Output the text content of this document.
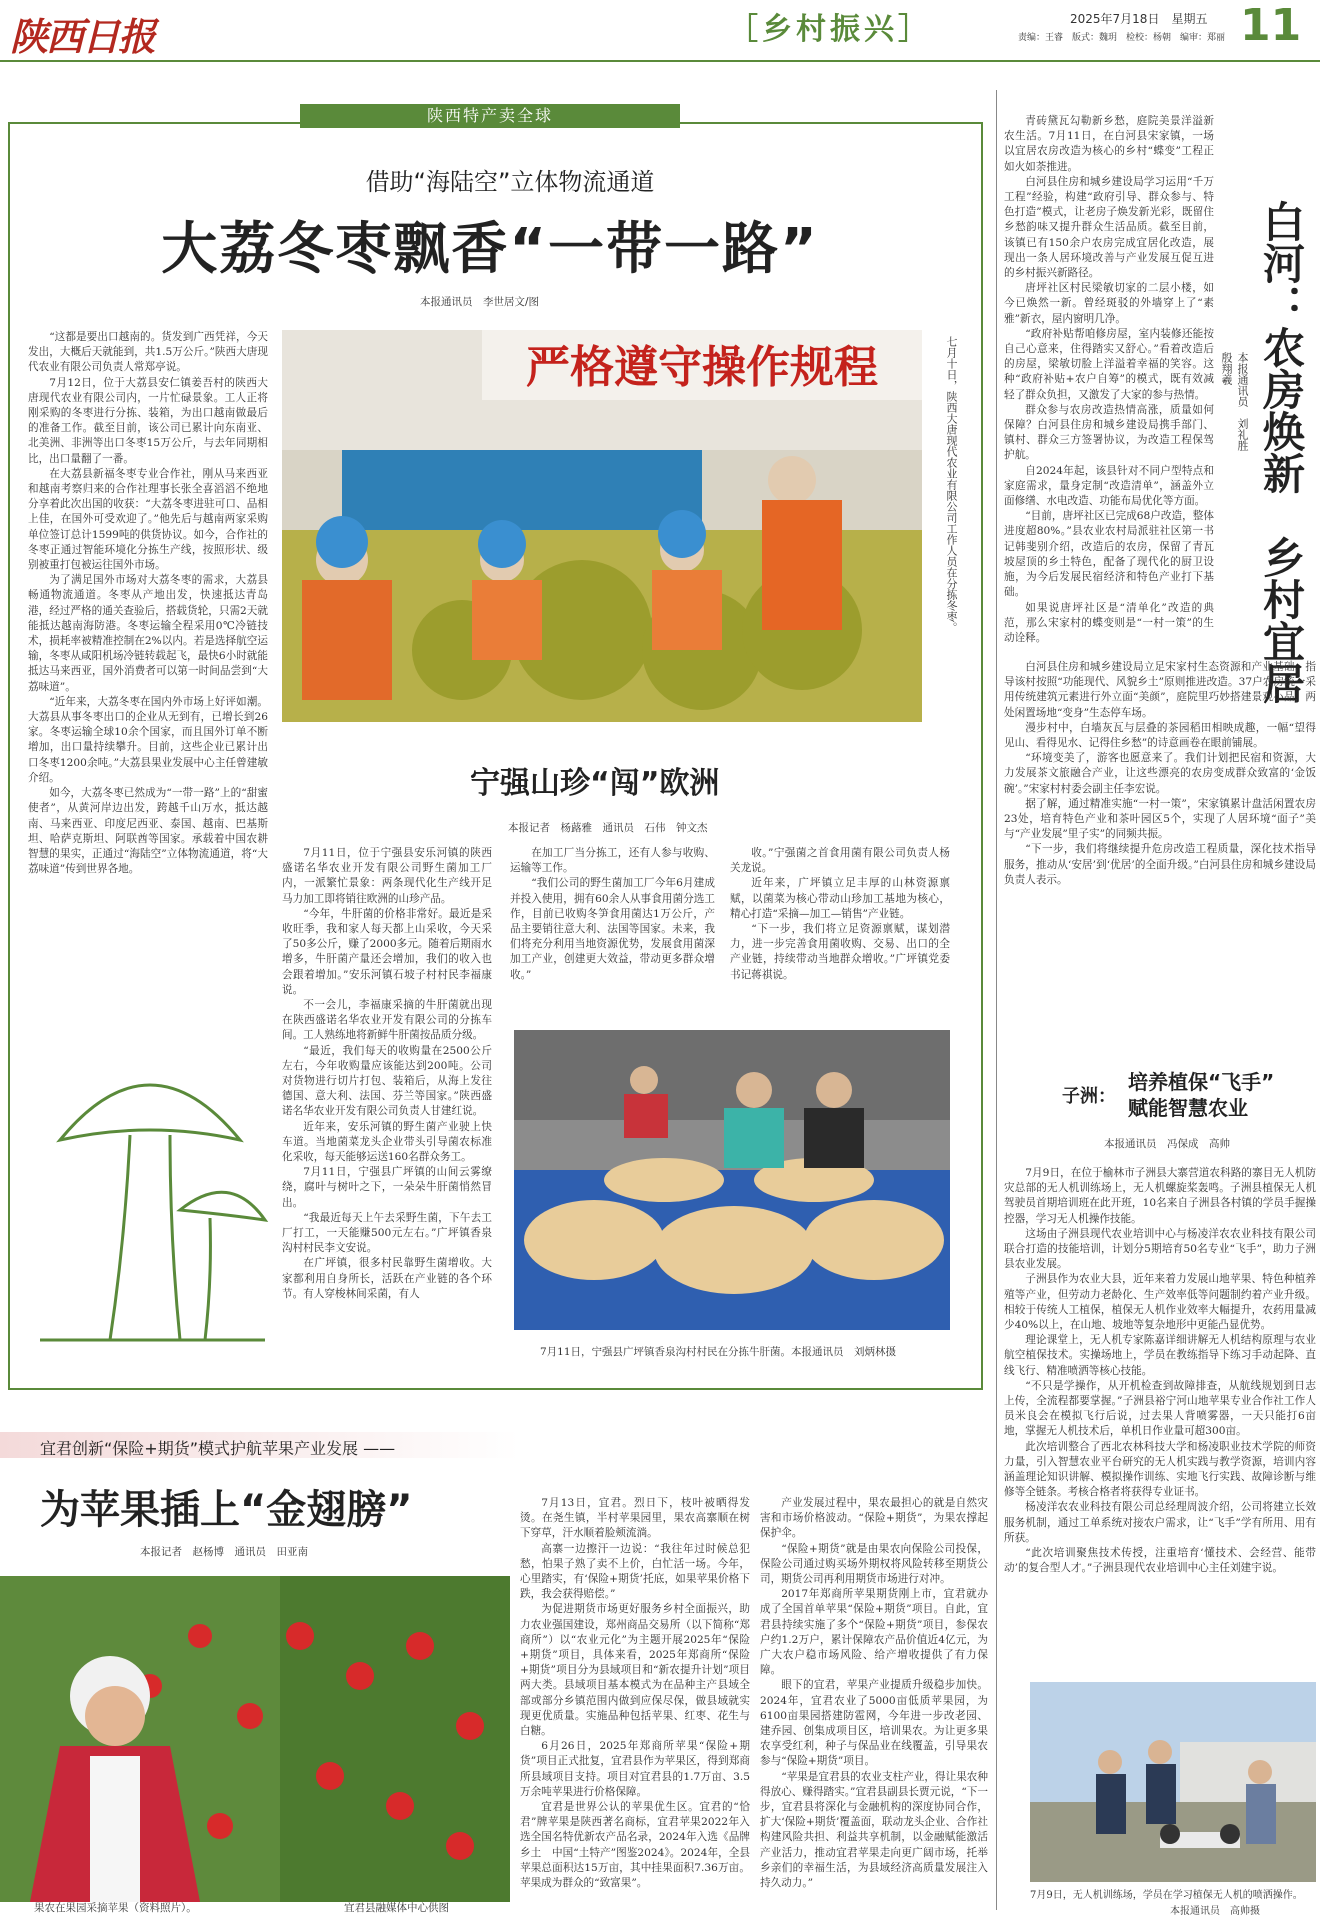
陕西日报	［乡村振兴］	2025年7月18日　星期五
责编：王睿　版式：魏玥　检校：杨朝　编审：郑丽 11
陕西特产卖全球
借助“海陆空”立体物流通道
大荔冬枣飘香“一带一路”
本报通讯员　李世居文/图
严格遵守操作规程	七月十日，陕西大唐现代农业有限公司工作人员在分拣冬枣。

“这都是要出口越南的。货发到广西凭祥，今天发出，大概后天就能到，共1.5万公斤。”陕西大唐现代农业有限公司负责人常郑亭说。

7月12日，位于大荔县安仁镇姜吾村的陕西大唐现代农业有限公司内，一片忙碌景象。工人正将刚采购的冬枣进行分拣、装箱，为出口越南做最后的准备工作。截至目前，该公司已累计向东南亚、北美洲、非洲等出口冬枣15万公斤，与去年同期相比，出口量翻了一番。

在大荔县新福冬枣专业合作社，刚从马来西亚和越南考察归来的合作社理事长张全喜滔滔不绝地分享着此次出国的收获：“大荔冬枣进驻可口、品相上佳，在国外可受欢迎了。”他先后与越南两家采购单位签订总计1599吨的供货协议。如今，合作社的冬枣正通过智能环境化分拣生产线，按照形状、级别被重打包被运往国外市场。

为了满足国外市场对大荔冬枣的需求，大荔县畅通物流通道。冬枣从产地出发，快速抵达青岛港，经过严格的通关查验后，搭载货轮，只需2天就能抵达越南海防港。冬枣运输全程采用0℃冷链技术，损耗率被精准控制在2%以内。若是选择航空运输，冬枣从咸阳机场冷链转载起飞，最快6小时就能抵达马来西亚，国外消费者可以第一时间品尝到“大荔味道”。

“近年来，大荔冬枣在国内外市场上好评如潮。大荔县从事冬枣出口的企业从无到有，已增长到26家。冬枣运输全球10余个国家，而且国外订单不断增加，出口量持续攀升。目前，这些企业已累计出口冬枣1200余吨。”大荔县果业发展中心主任曾建敏介绍。

如今，大荔冬枣已然成为“一带一路”上的“甜蜜使者”，从黄河岸边出发，跨越千山万水，抵达越南、马来西亚、印度尼西亚、泰国、越南、巴基斯坦、哈萨克斯坦、阿联酋等国家。承载着中国农耕智慧的果实，正通过“海陆空”立体物流通道，将“大荔味道”传到世界各地。

宁强山珍“闯”欧洲
本报记者　杨蕗雅　通讯员　石伟　钟文杰

7月11日，位于宁强县安乐河镇的陕西盛诺名华农业开发有限公司野生菌加工厂内，一派繁忙景象：两条现代化生产线开足马力加工即将销往欧洲的山珍产品。

“今年，牛肝菌的价格非常好。最近是采收旺季，我和家人每天都上山采收，今天采了50多公斤，赚了2000多元。随着后期雨水增多，牛肝菌产量还会增加，我们的收入也会跟着增加。”安乐河镇石坡子村村民李福康说。

不一会儿，李福康采摘的牛肝菌就出现在陕西盛诺名华农业开发有限公司的分拣车间。工人熟练地将新鲜牛肝菌按品质分级。

“最近，我们每天的收购量在2500公斤左右，今年收购量应该能达到200吨。公司对货物进行切片打包、装箱后，从海上发往德国、意大利、法国、芬兰等国家。”陕西盛诺名华农业开发有限公司负责人甘建红说。

近年来，安乐河镇的野生菌产业驶上快车道。当地菌菜龙头企业带头引导菌农标准化采收，每天能够运送160名群众务工。

7月11日，宁强县广坪镇的山间云雾缭绕，腐叶与树叶之下，一朵朵牛肝菌悄然冒出。

“我最近每天上午去采野生菌，下午去工厂打工，一天能赚500元左右。”广坪镇香泉沟村村民李文安说。

在广坪镇，很多村民靠野生菌增收。大家都利用自身所长，活跃在产业链的各个环节。有人穿梭林间采菌，有人

在加工厂当分拣工，还有人参与收购、运输等工作。

“我们公司的野生菌加工厂今年6月建成并投入使用，拥有60余人从事食用菌分选工作，目前已收购冬笋食用菌达1万公斤，产品主要销往意大利、法国等国家。未来，我们将充分利用当地资源优势，发展食用菌深加工产业，创建更大效益，带动更多群众增收。”

收。”宁强菌之首食用菌有限公司负责人杨关龙说。

近年来，广坪镇立足丰厚的山林资源禀赋，以菌菜为核心带动山珍加工基地为核心，精心打造“采摘—加工—销售”产业链。

“下一步，我们将立足资源禀赋，谋划潜力，进一步完善食用菌收购、交易、出口的全产业链，持续带动当地群众增收。”广坪镇党委书记蒋祺说。

7月11日，宁强县广坪镇香泉沟村村民在分拣牛肝菌。本报通讯员　刘炳林摄
宜君创新“保险+期货”模式护航苹果产业发展 ——
为苹果插上“金翅膀”
本报记者　赵杨博　通讯员　田亚南
果农在果园采摘苹果（资料照片）。	宜君县融媒体中心供图

7月13日，宜君。烈日下，枝叶被晒得发烫。在尧生镇，半村苹果园里，果农高寨顺在树下穿草，汗水顺着脸颊流淌。

高寨一边擦汗一边说：“我往年过时候总犯愁，怕果子熟了卖不上价，白忙活一场。今年，心里踏实，有‘保险+期货’托底，如果苹果价格下跌，我会获得赔偿。”

为促进期货市场更好服务乡村全面振兴，助力农业强国建设，郑州商品交易所（以下简称“郑商所”）以“农业元化”为主题开展2025年“保险+期货”项目，具体来看，2025年郑商所“保险+期货”项目分为县域项目和“新农提升计划”项目两大类。县域项目基本模式为在品种主产县域全部或部分乡镇范围内做到应保尽保，做县域就实现更优质量。实施品种包括苹果、红枣、花生与白糖。

6月26日，2025年郑商所苹果“保险+期货”项目正式批复，宜君县作为苹果区，得到郑商所县域项目支持。项目对宜君县的1.7万亩、3.5万余吨苹果进行价格保障。

宜君是世界公认的苹果优生区。宜君的“恰君”牌苹果是陕西著名商标，宜君苹果2022年入选全国名特优新农产品名录，2024年入选《品牌乡土　中国“土特产”图鉴2024》。2024年，全县苹果总面积达15万亩，其中挂果面积7.36万亩。苹果成为群众的“致富果”。

产业发展过程中，果农最担心的就是自然灾害和市场价格波动。“保险+期货”，为果农撑起保护伞。

“保险+期货”就是由果农向保险公司投保，保险公司通过购买场外期权将风险转移至期货公司，期货公司再利用期货市场进行对冲。

2017年郑商所苹果期货刚上市，宜君就办成了全国首单苹果“保险+期货”项目。自此，宜君县持续实施了多个“保险+期货”项目，参保农户约1.2万户，累计保障农产品价值近4亿元，为广大农户稳市场风险、给产增收提供了有力保障。

眼下的宜君，苹果产业提质升级稳步加快。2024年，宜君农业了5000亩低质苹果园，为6100亩果园搭建防雹网，今年进一步改老园、建乔园、创集成项目区，培训果农。为让更多果农享受红利，种子与保品业在线覆盖，引导果农参与“保险+期货”项目。

“苹果是宜君县的农业支柱产业，得让果农种得放心、赚得踏实。”宜君县副县长贾元说，“下一步，宜君县将深化与金融机构的深度协同合作，扩大‘保险+期货’覆盖面，联动龙头企业、合作社构建风险共担、利益共享机制，以金融赋能激活产业活力，推动宜君苹果走向更广阔市场，托举乡亲们的幸福生活，为县域经济高质量发展注入持久动力。”

白河：农房焕新　乡村宜居
本报通讯员　刘礼胜　殷翔羲

青砖黛瓦勾勒新乡愁，庭院美景洋溢新农生活。7月11日，在白河县宋家镇，一场以宜居农房改造为核心的乡村“蝶变”工程正如火如荼推进。

白河县住房和城乡建设局学习运用“千万工程”经验，构建“政府引导、群众参与、特色打造”模式，让老房子焕发新光彩，既留住乡愁韵味又提升群众生活品质。截至目前，该镇已有150余户农房完成宜居化改造，展现出一条人居环境改善与产业发展互促互进的乡村振兴新路径。

唐坪社区村民梁敏切家的二层小楼，如今已焕然一新。曾经斑驳的外墙穿上了“素雅”新衣，屋内窗明几净。

“政府补贴帮咱修房屋，室内装修还能按自己心意来，住得踏实又舒心。”看着改造后的房屋，梁敏切脸上洋溢着幸福的笑容。这种“政府补贴+农户自筹”的模式，既有效减轻了群众负担，又激发了大家的参与热情。

群众参与农房改造热情高涨，质量如何保障？白河县住房和城乡建设局携手部门、镇村、群众三方签署协议，为改造工程保驾护航。

自2024年起，该县针对不同户型特点和家庭需求，量身定制“改造清单”，涵盖外立面修缮、水电改造、功能布局优化等方面。

“目前，唐坪社区已完成68户改造，整体进度超80%。”县农业农村局派驻社区第一书记韩斐别介绍，改造后的农房，保留了青瓦坡屋顶的乡土特色，配备了现代化的厨卫设施，为今后发展民宿经济和特色产业打下基础。

如果说唐坪社区是“清单化”改造的典范，那么宋家村的蝶变则是“一村一策”的生动诠释。

白河县住房和城乡建设局立足宋家村生态资源和产业基础，指导该村按照“功能现代、风貌乡土”原则推进改造。37户农房统一采用传统建筑元素进行外立面“美颜”，庭院里巧妙搭建景观小品，两处闲置场地“变身”生态停车场。

漫步村中，白墙灰瓦与层叠的茶园稻田相映成趣，一幅“望得见山、看得见水、记得住乡愁”的诗意画卷在眼前铺展。

“环境变美了，游客也愿意来了。我们计划把民宿和资源，大力发展茶文旅融合产业，让这些漂亮的农房变成群众致富的‘金饭碗’。”宋家村村委会副主任李宏说。

据了解，通过精准实施“一村一策”，宋家镇累计盘活闲置农房23处，培育特色产业和茶叶园区5个，实现了人居环境“面子”美与“产业发展”里子实”的同频共振。

“下一步，我们将继续提升危房改造工程质量，深化技术指导服务，推动从‘安居’到‘优居’的全面升级。”白河县住房和城乡建设局负责人表示。

子洲：
培养植保“飞手”
赋能智慧农业
本报通讯员　冯保成　高帅

7月9日，在位于榆林市子洲县大寨营道农科路的寨目无人机防灾总部的无人机训练场上，无人机螺旋桨轰鸣。子洲县植保无人机驾驶员首期培训班在此开班，10名来自子洲县各村镇的学员手握操控器，学习无人机操作技能。

这场由子洲县现代农业培训中心与杨凌洋农农业科技有限公司联合打造的技能培训，计划分5期培育50名专业“飞手”，助力子洲县农业发展。

子洲县作为农业大县，近年来着力发展山地苹果、特色种植养殖等产业，但劳动力老龄化、生产效率低等问题制约着产业升级。相较于传统人工植保，植保无人机作业效率大幅提升，农药用量减少40%以上，在山地、坡地等复杂地形中更能凸显优势。

理论课堂上，无人机专家陈嘉详细讲解无人机结构原理与农业航空植保技术。实操场地上，学员在教练指导下练习手动起降、直线飞行、精准喷洒等核心技能。

“不只是学操作，从开机检查到故障排查，从航线规划到日志上传，全流程都要掌握。”子洲县裕宁河山地苹果专业合作社工作人员米良会在模拟飞行后说，过去果人背喷雾器，一天只能打6亩地，掌握无人机技术后，单机日作业量可超300亩。

此次培训整合了西北农林科技大学和杨凌职业技术学院的师资力量，引入智慧农业平台研究的无人机实践与教学资源，培训内容涵盖理论知识讲解、模拟操作训练、实地飞行实践、故障诊断与维修等全链条。考核合格者将获得专业证书。

杨凌洋农农业科技有限公司总经理周波介绍，公司将建立长效服务机制，通过工单系统对接农户需求，让“飞手”学有所用、用有所获。

“此次培训聚焦技术传授，注重培育‘懂技术、会经营、能带动’的复合型人才。”子洲县现代农业培训中心主任刘建宇说。

7月9日，无人机训练场，学员在学习植保无人机的喷洒操作。
本报通讯员　高帅摄
